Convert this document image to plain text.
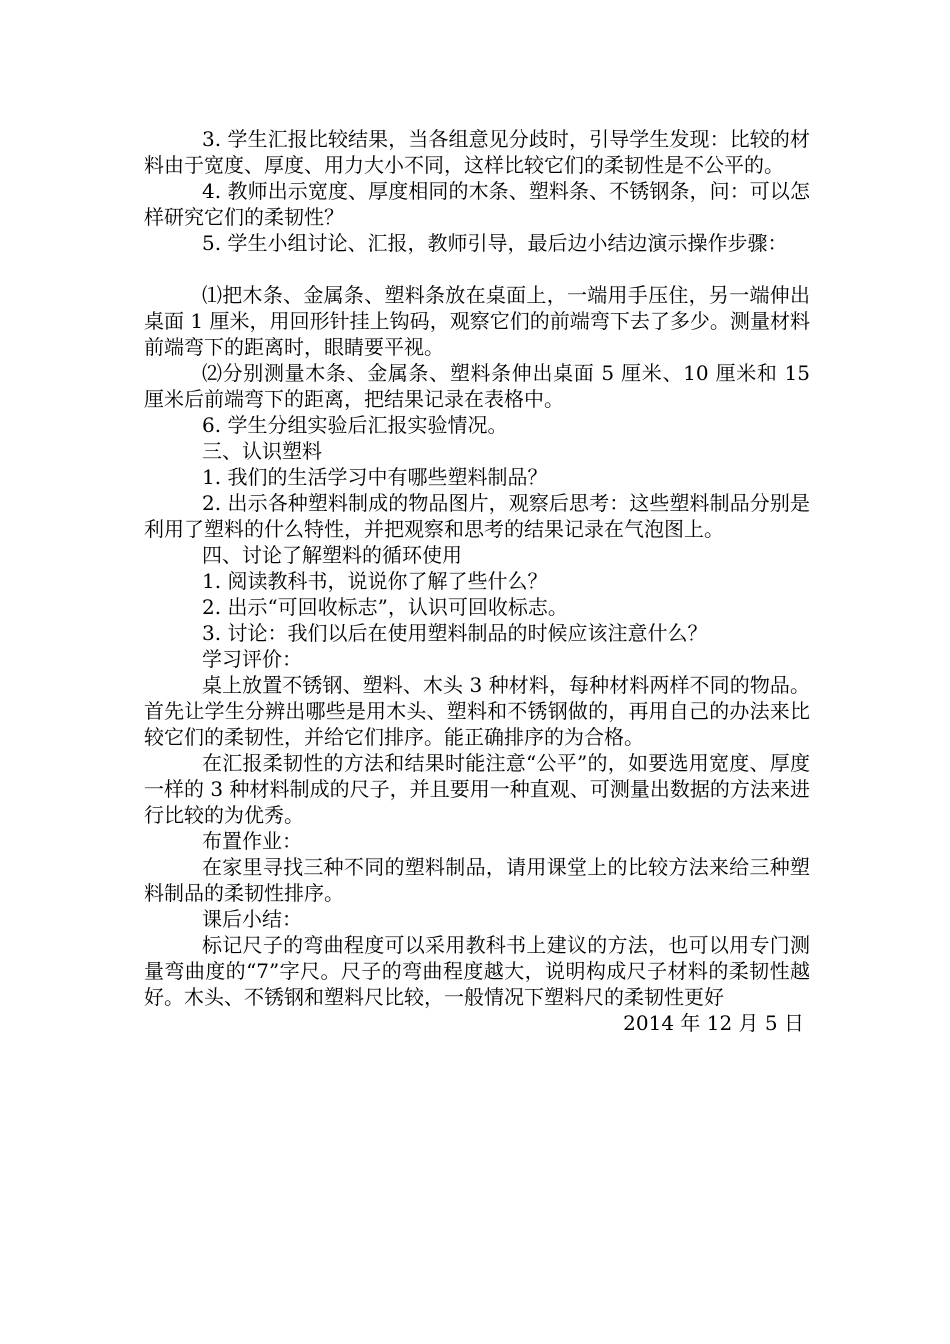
3. 学生汇报比较结果，当各组意见分歧时，引导学生发现：比较的材料由于宽度、厚度、用力大小不同，这样比较它们的柔韧性是不公平的。

4. 教师出示宽度、厚度相同的木条、塑料条、不锈钢条，问：可以怎样研究它们的柔韧性？

5. 学生小组讨论、汇报，教师引导，最后边小结边演示操作步骤：

⑴把木条、金属条、塑料条放在桌面上，一端用手压住，另一端伸出桌面 1 厘米，用回形针挂上钩码，观察它们的前端弯下去了多少。测量材料前端弯下的距离时，眼睛要平视。

⑵分别测量木条、金属条、塑料条伸出桌面 5 厘米、10 厘米和 15 厘米后前端弯下的距离，把结果记录在表格中。

6. 学生分组实验后汇报实验情况。

三、认识塑料

1. 我们的生活学习中有哪些塑料制品？

2. 出示各种塑料制成的物品图片，观察后思考：这些塑料制品分别是利用了塑料的什么特性，并把观察和思考的结果记录在气泡图上。

四、讨论了解塑料的循环使用

1. 阅读教科书，说说你了解了些什么？

2. 出示“可回收标志”，认识可回收标志。

3. 讨论：我们以后在使用塑料制品的时候应该注意什么？

学习评价：

桌上放置不锈钢、塑料、木头 3 种材料，每种材料两样不同的物品。首先让学生分辨出哪些是用木头、塑料和不锈钢做的，再用自己的办法来比较它们的柔韧性，并给它们排序。能正确排序的为合格。

在汇报柔韧性的方法和结果时能注意“公平”的，如要选用宽度、厚度一样的 3 种材料制成的尺子，并且要用一种直观、可测量出数据的方法来进行比较的为优秀。

布置作业：

在家里寻找三种不同的塑料制品，请用课堂上的比较方法来给三种塑料制品的柔韧性排序。

课后小结：

标记尺子的弯曲程度可以采用教科书上建议的方法，也可以用专门测量弯曲度的“7”字尺。尺子的弯曲程度越大，说明构成尺子材料的柔韧性越好。木头、不锈钢和塑料尺比较，一般情况下塑料尺的柔韧性更好

2014 年 12 月 5 日
